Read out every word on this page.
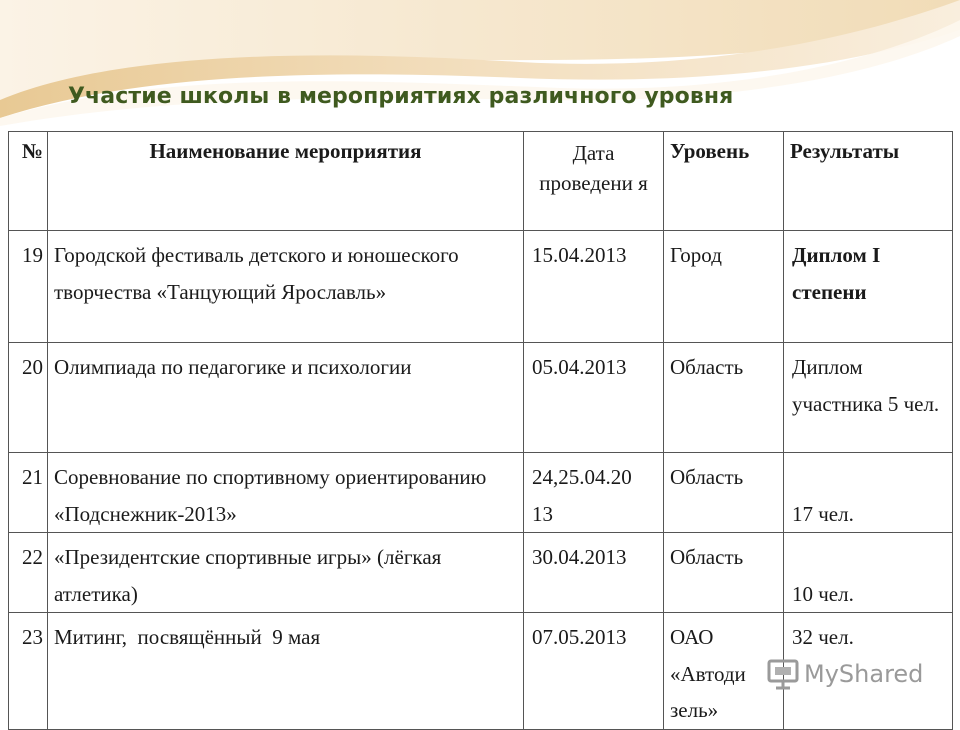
Участие школы в мероприятиях различного уровня
№	Наименование мероприятия	Дата проведени я	Уровень	Результаты
19	Городской фестиваль детского и юношеского творчества «Танцующий Ярославль»	15.04.2013	Город	Диплом I степени
20	Олимпиада по педагогике и психологии	05.04.2013	Область	Диплом участника 5 чел.
21	Соревнование по спортивному ориентированию «Подснежник-2013»	24,25.04.20 13	Область	17 чел.

22	«Президентские спортивные игры» (лёгкая атлетика)	30.04.2013	Область	10 чел.

23	Митинг,  посвящённый  9 мая	07.05.2013	ОАО «Автоди зель»	32 чел.
MyShared
